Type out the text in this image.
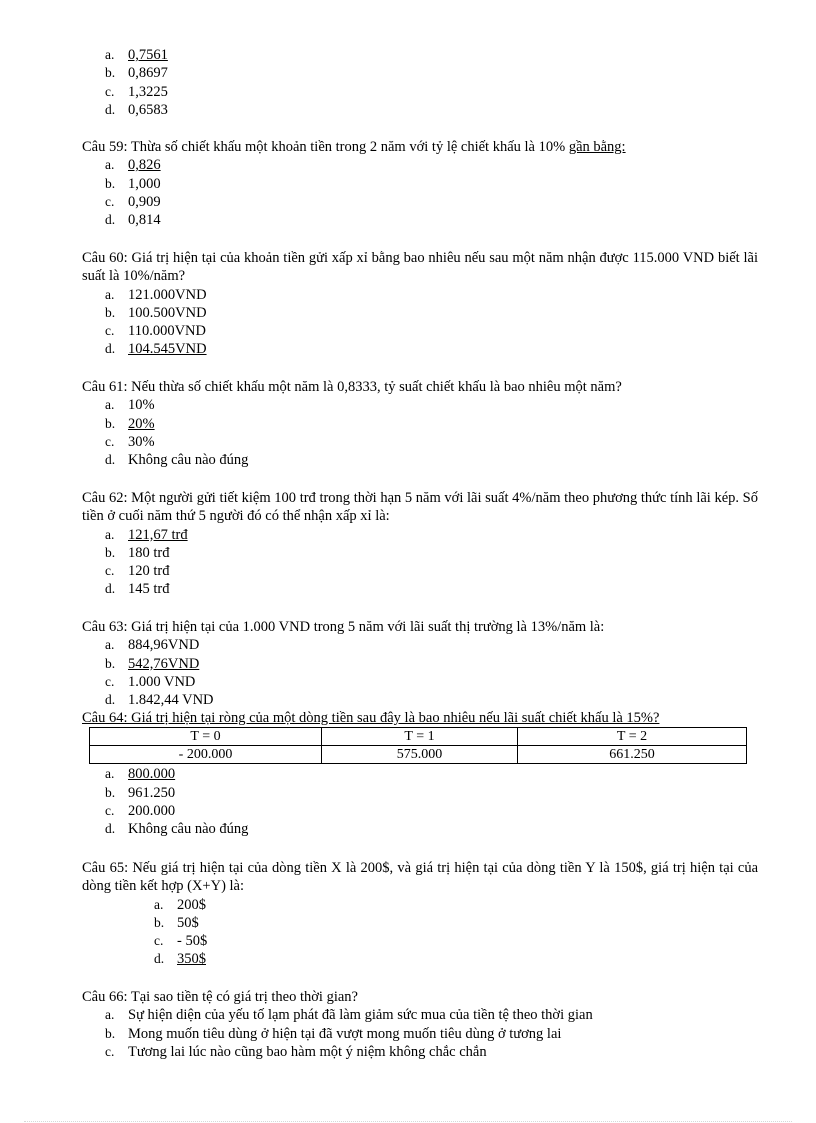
a. 0,7561
b. 0,8697
c. 1,3225
d. 0,6583
Câu 59: Thừa số chiết khấu một khoản tiền trong 2 năm với tỷ lệ chiết khấu là 10% gần bằng:
a. 0,826
b. 1,000
c. 0,909
d. 0,814
Câu 60: Giá trị hiện tại của khoản tiền gửi xấp xỉ bằng bao nhiêu nếu sau một năm nhận được 115.000 VND biết lãi suất là 10%/năm?
a. 121.000VND
b. 100.500VND
c. 110.000VND
d. 104.545VND
Câu 61: Nếu thừa số chiết khấu một năm là 0,8333, tỷ suất chiết khấu là bao nhiêu một năm?
a. 10%
b. 20%
c. 30%
d. Không câu nào đúng
Câu 62: Một người gửi tiết kiệm 100 trđ trong thời hạn 5 năm với lãi suất 4%/năm theo phương thức tính lãi kép. Số tiền ở cuối năm thứ 5 người đó có thể nhận xấp xỉ là:
a. 121,67 trđ
b. 180 trđ
c. 120 trđ
d. 145 trđ
Câu 63: Giá trị hiện tại của 1.000 VND trong 5 năm với lãi suất thị trường là 13%/năm là:
a. 884,96VND
b. 542,76VND
c. 1.000 VND
d. 1.842,44 VND
Câu 64: Giá trị hiện tại ròng của một dòng tiền sau đây là bao nhiêu nếu lãi suất chiết khấu là 15%?
T = 0	T = 1	T = 2
- 200.000	575.000	661.250
a. 800.000
b. 961.250
c. 200.000
d. Không câu nào đúng
Câu 65: Nếu giá trị hiện tại của dòng tiền X là 200$, và giá trị hiện tại của dòng tiền Y là 150$, giá trị hiện tại của dòng tiền kết hợp (X+Y) là:
a. 200$
b. 50$
c. - 50$
d. 350$
Câu 66: Tại sao tiền tệ có giá trị theo thời gian?
a. Sự hiện diện của yếu tố lạm phát đã làm giảm sức mua của tiền tệ theo thời gian
b. Mong muốn tiêu dùng ở hiện tại đã vượt mong muốn tiêu dùng ở tương lai
c. Tương lai lúc nào cũng bao hàm một ý niệm không chắc chắn
